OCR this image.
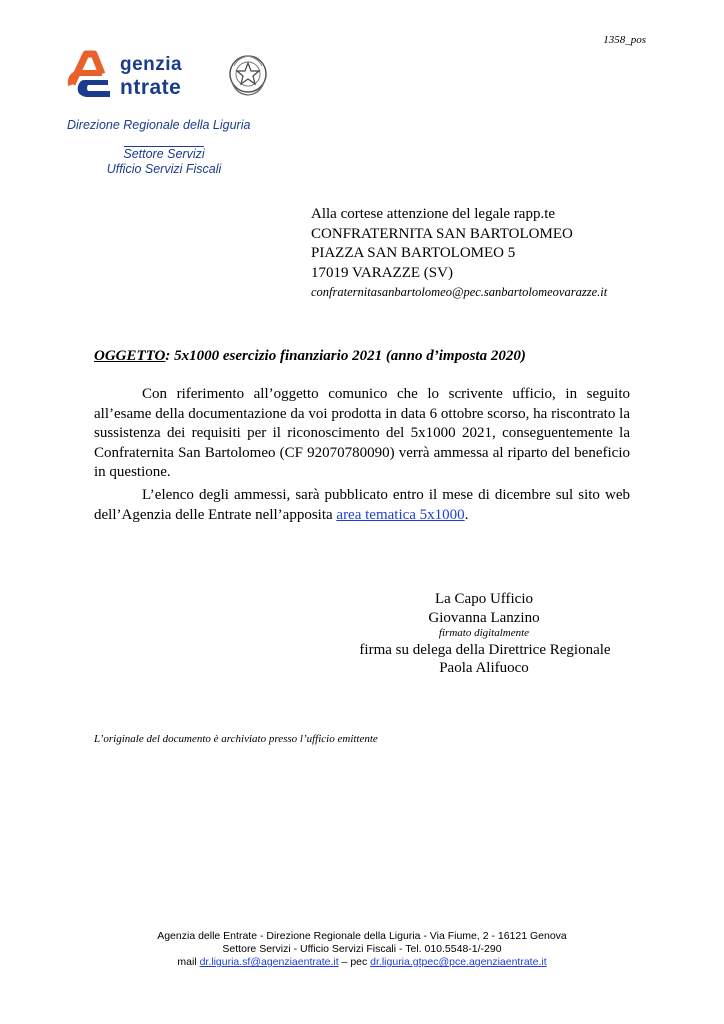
1358_pos
genzia
ntrate
Direzione Regionale della Liguria
Settore Servizi
Ufficio Servizi Fiscali
Alla cortese attenzione del legale rapp.te
CONFRATERNITA SAN BARTOLOMEO
PIAZZA SAN BARTOLOMEO 5
17019 VARAZZE (SV)
confraternitasanbartolomeo@pec.sanbartolomeovarazze.it
OGGETTO: 5x1000 esercizio finanziario 2021 (anno d’imposta 2020)
Con riferimento all’oggetto comunico che lo scrivente ufficio, in seguito all’esame della documentazione da voi prodotta in data 6 ottobre scorso, ha riscontrato la sussistenza dei requisiti per il riconoscimento del 5x1000 2021, conseguentemente la Confraternita San Bartolomeo (CF 92070780090) verrà ammessa al riparto del beneficio in questione.
L’elenco degli ammessi, sarà pubblicato entro il mese di dicembre sul sito web dell’Agenzia delle Entrate nell’apposita area tematica 5x1000.
La Capo Ufficio
Giovanna Lanzino
firmato digitalmente
firma su delega della Direttrice Regionale
Paola Alifuoco
L’originale del documento è archiviato presso l’ufficio emittente
Agenzia delle Entrate - Direzione Regionale della Liguria - Via Fiume, 2 - 16121 Genova
Settore Servizi - Ufficio Servizi Fiscali - Tel. 010.5548-1/-290
mail dr.liguria.sf@agenziaentrate.it – pec dr.liguria.gtpec@pce.agenziaentrate.it
